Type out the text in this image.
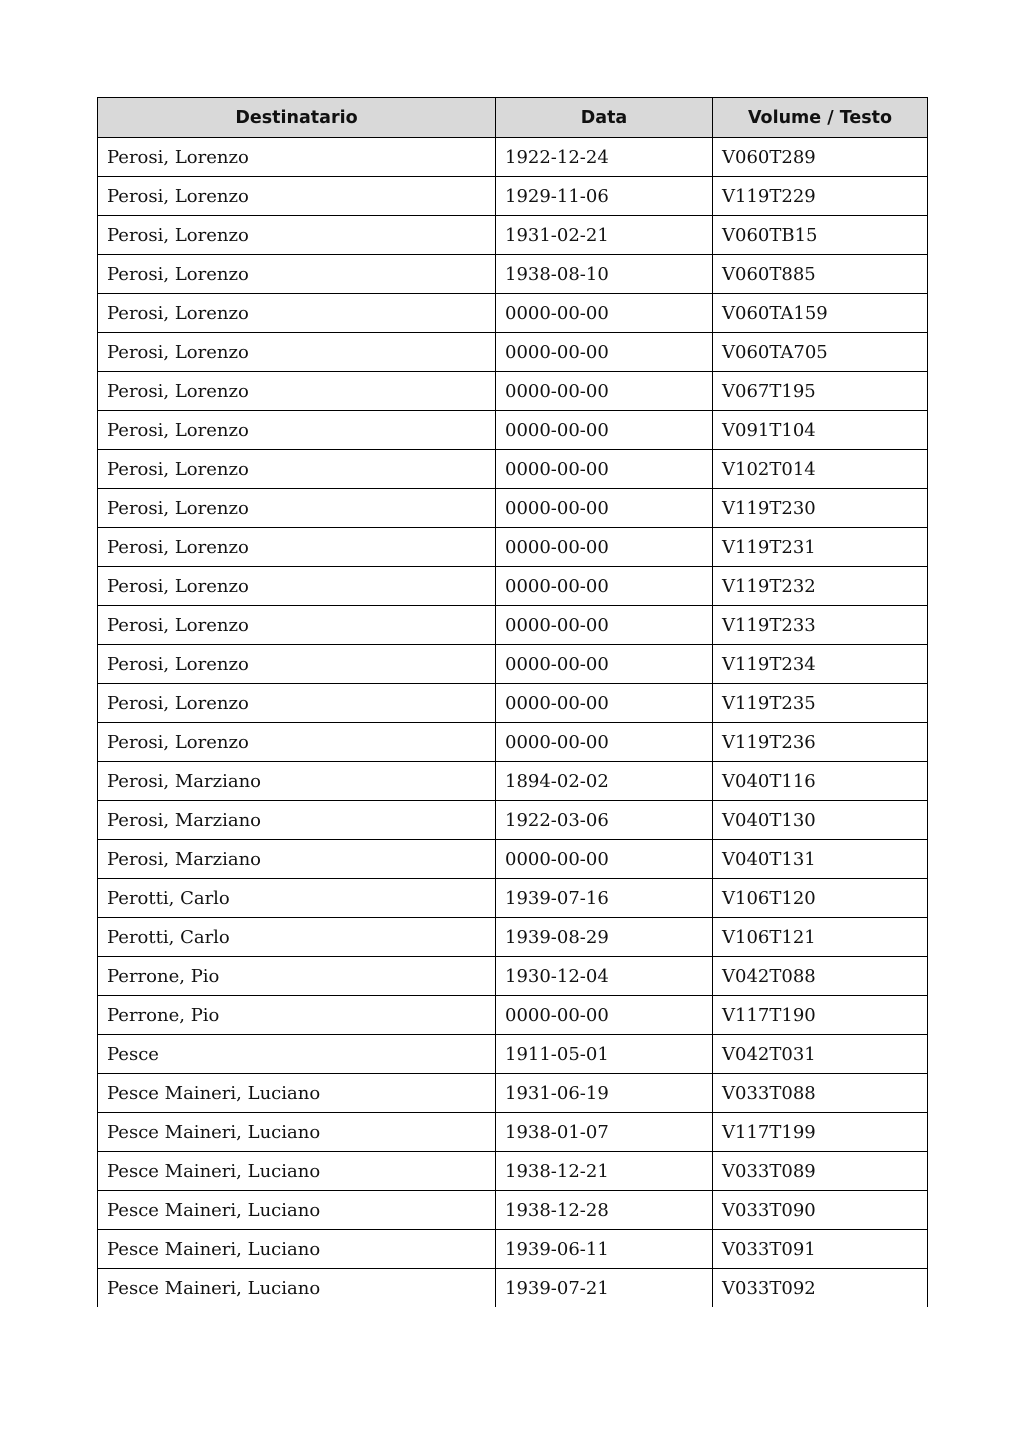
Destinatario	Data	Volume / Testo
Perosi, Lorenzo	1922-12-24	V060T289
Perosi, Lorenzo	1929-11-06	V119T229
Perosi, Lorenzo	1931-02-21	V060TB15
Perosi, Lorenzo	1938-08-10	V060T885
Perosi, Lorenzo	0000-00-00	V060TA159
Perosi, Lorenzo	0000-00-00	V060TA705
Perosi, Lorenzo	0000-00-00	V067T195
Perosi, Lorenzo	0000-00-00	V091T104
Perosi, Lorenzo	0000-00-00	V102T014
Perosi, Lorenzo	0000-00-00	V119T230
Perosi, Lorenzo	0000-00-00	V119T231
Perosi, Lorenzo	0000-00-00	V119T232
Perosi, Lorenzo	0000-00-00	V119T233
Perosi, Lorenzo	0000-00-00	V119T234
Perosi, Lorenzo	0000-00-00	V119T235
Perosi, Lorenzo	0000-00-00	V119T236
Perosi, Marziano	1894-02-02	V040T116
Perosi, Marziano	1922-03-06	V040T130
Perosi, Marziano	0000-00-00	V040T131
Perotti, Carlo	1939-07-16	V106T120
Perotti, Carlo	1939-08-29	V106T121
Perrone, Pio	1930-12-04	V042T088
Perrone, Pio	0000-00-00	V117T190
Pesce	1911-05-01	V042T031
Pesce Maineri, Luciano	1931-06-19	V033T088
Pesce Maineri, Luciano	1938-01-07	V117T199
Pesce Maineri, Luciano	1938-12-21	V033T089
Pesce Maineri, Luciano	1938-12-28	V033T090
Pesce Maineri, Luciano	1939-06-11	V033T091
Pesce Maineri, Luciano	1939-07-21	V033T092
